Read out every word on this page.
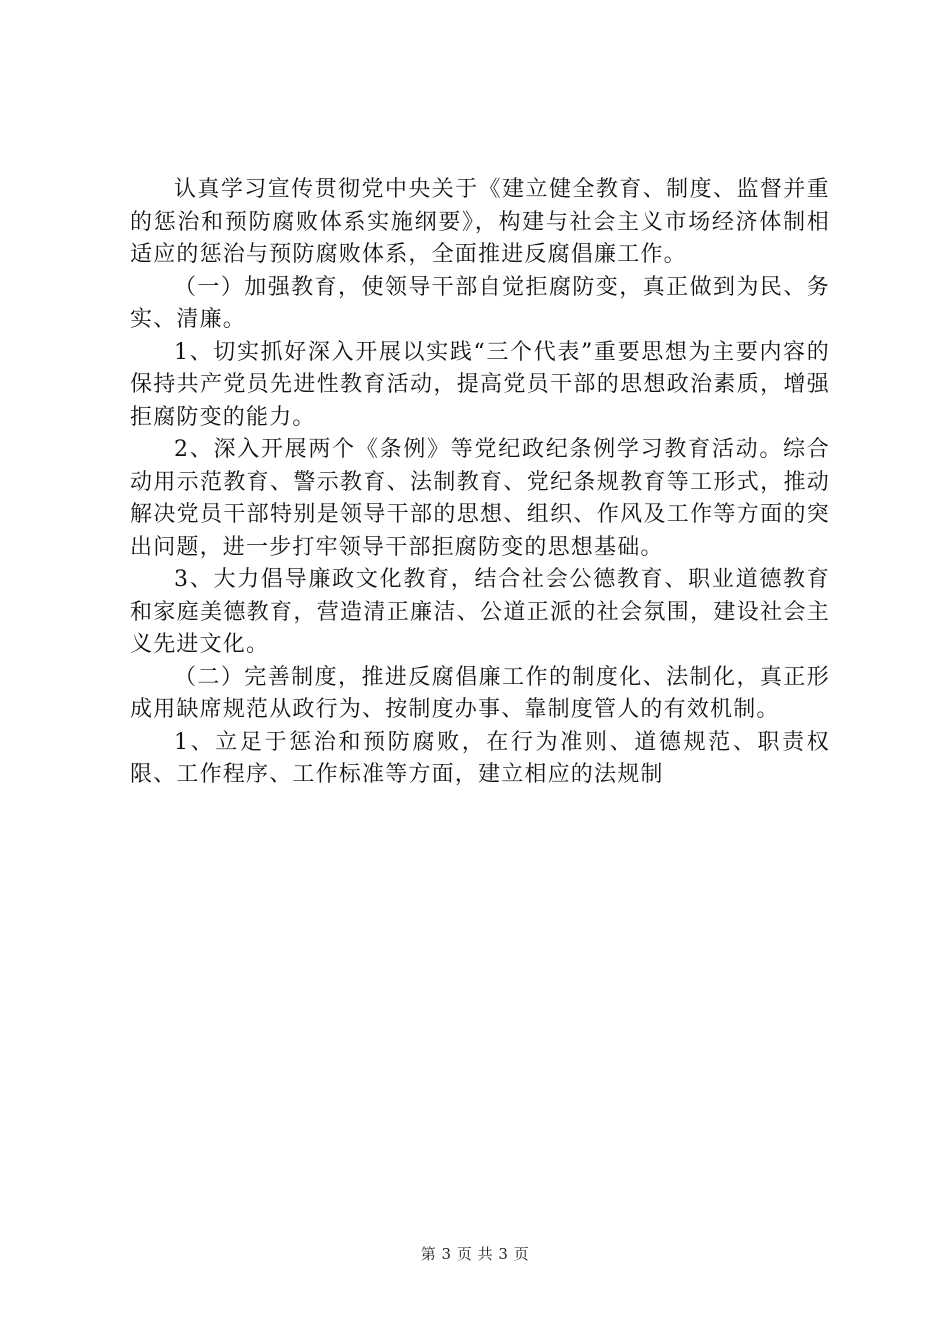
认真学习宣传贯彻党中央关于《建立健全教育、制度、监督并重的惩治和预防腐败体系实施纲要》，构建与社会主义市场经济体制相适应的惩治与预防腐败体系，全面推进反腐倡廉工作。

（一）加强教育，使领导干部自觉拒腐防变，真正做到为民、务实、清廉。

1、切实抓好深入开展以实践“三个代表”重要思想为主要内容的保持共产党员先进性教育活动，提高党员干部的思想政治素质，增强拒腐防变的能力。

2、深入开展两个《条例》等党纪政纪条例学习教育活动。综合动用示范教育、警示教育、法制教育、党纪条规教育等工形式，推动解决党员干部特别是领导干部的思想、组织、作风及工作等方面的突出问题，进一步打牢领导干部拒腐防变的思想基础。

3、大力倡导廉政文化教育，结合社会公德教育、职业道德教育和家庭美德教育，营造清正廉洁、公道正派的社会氛围，建设社会主义先进文化。

（二）完善制度，推进反腐倡廉工作的制度化、法制化，真正形成用缺席规范从政行为、按制度办事、靠制度管人的有效机制。

1、立足于惩治和预防腐败，在行为准则、道德规范、职责权限、工作程序、工作标准等方面，建立相应的法规制

第 3 页 共 3 页
